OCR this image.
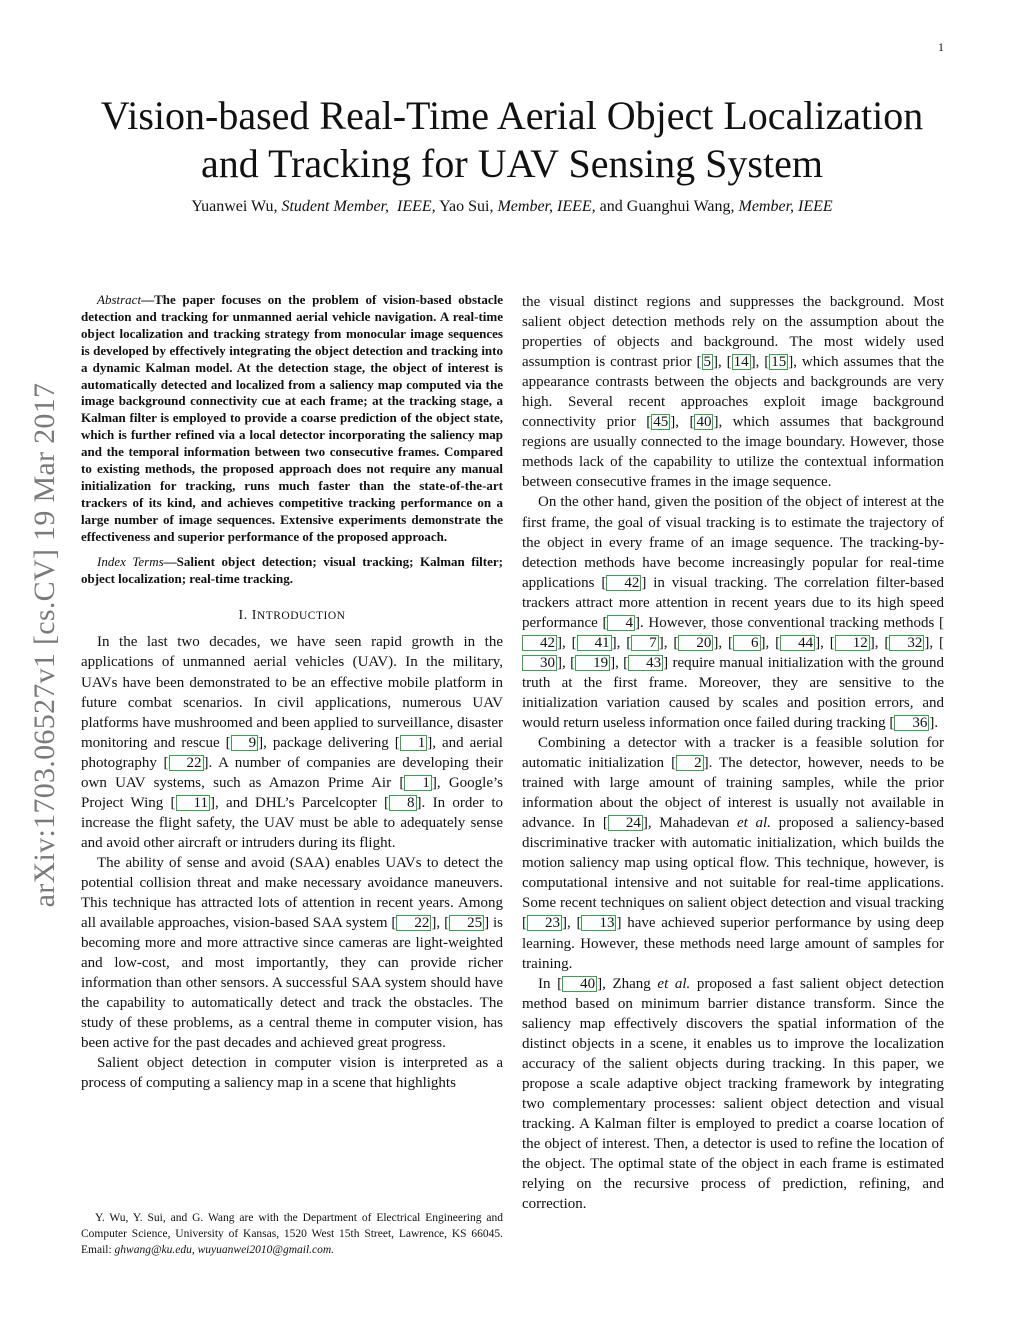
1
arXiv:1703.06527v1 [cs.CV] 19 Mar 2017
Vision-based Real-Time Aerial Object Localization
and Tracking for UAV Sensing System
Yuanwei Wu, Student Member, IEEE, Yao Sui, Member, IEEE, and Guanghui Wang, Member, IEEE

Abstract—The paper focuses on the problem of vision-based obstacle detection and tracking for unmanned aerial vehicle navigation. A real-time object localization and tracking strategy from monocular image sequences is developed by effectively integrating the object detection and tracking into a dynamic Kalman model. At the detection stage, the object of interest is automatically detected and localized from a saliency map computed via the image background connectivity cue at each frame; at the tracking stage, a Kalman filter is employed to provide a coarse prediction of the object state, which is further refined via a local detector incorporating the saliency map and the temporal information between two consecutive frames. Compared to existing methods, the proposed approach does not require any manual initialization for tracking, runs much faster than the state-of-the-art trackers of its kind, and achieves competitive tracking performance on a large number of image sequences. Extensive experiments demonstrate the effectiveness and superior performance of the proposed approach.

Index Terms—Salient object detection; visual tracking; Kalman filter; object localization; real-time tracking.

I. INTRODUCTION

In the last two decades, we have seen rapid growth in the applications of unmanned aerial vehicles (UAV). In the military, UAVs have been demonstrated to be an effective mobile platform in future combat scenarios. In civil applications, numerous UAV platforms have mushroomed and been applied to surveillance, disaster monitoring and rescue [ 9 ], package delivering [ 1 ], and aerial photography [ 22 ]. A number of companies are developing their own UAV systems, such as Amazon Prime Air [ 1 ], Google’s Project Wing [ 11 ], and DHL’s Parcelcopter [ 8 ]. In order to increase the flight safety, the UAV must be able to adequately sense and avoid other aircraft or intruders during its flight.

The ability of sense and avoid (SAA) enables UAVs to detect the potential collision threat and make necessary avoidance maneuvers. This technique has attracted lots of attention in recent years. Among all available approaches, vision-based SAA system [ 22 ], [ 25 ] is becoming more and more attractive since cameras are light-weighted and low-cost, and most importantly, they can provide richer information than other sensors. A successful SAA system should have the capability to automatically detect and track the obstacles. The study of these problems, as a central theme in computer vision, has been active for the past decades and achieved great progress.

Salient object detection in computer vision is interpreted as a process of computing a saliency map in a scene that highlights

Y. Wu, Y. Sui, and G. Wang are with the Department of Electrical Engineering and Computer Science, University of Kansas, 1520 West 15th Street, Lawrence, KS 66045. Email: ghwang@ku.edu, wuyuanwei2010@gmail.com.

the visual distinct regions and suppresses the background. Most salient object detection methods rely on the assumption about the properties of objects and background. The most widely used assumption is contrast prior [ 5 ], [ 14 ], [ 15 ], which assumes that the appearance contrasts between the objects and backgrounds are very high. Several recent approaches exploit image background connectivity prior [ 45 ], [ 40 ], which assumes that background regions are usually connected to the image boundary. However, those methods lack of the capability to utilize the contextual information between consecutive frames in the image sequence.

On the other hand, given the position of the object of interest at the first frame, the goal of visual tracking is to estimate the trajectory of the object in every frame of an image sequence. The tracking-by-detection methods have become increasingly popular for real-time applications [ 42 ] in visual tracking. The correlation filter-based trackers attract more attention in recent years due to its high speed performance [ 4 ]. However, those conventional tracking methods [42 ], [ 41 ], [ 7 ], [ 20 ], [ 6 ], [ 44 ], [ 12 ], [ 32 ], [30 ], [ 19 ], [ 43 ] require manual initialization with the ground truth at the first frame. Moreover, they are sensitive to the initialization variation caused by scales and position errors, and would return useless information once failed during tracking [ 36 ].

Combining a detector with a tracker is a feasible solution for automatic initialization [ 2 ]. The detector, however, needs to be trained with large amount of training samples, while the prior information about the object of interest is usually not available in advance. In [ 24 ], Mahadevan et al. proposed a saliency-based discriminative tracker with automatic initialization, which builds the motion saliency map using optical flow. This technique, however, is computational intensive and not suitable for real-time applications. Some recent techniques on salient object detection and visual tracking [ 23 ], [ 13 ] have achieved superior performance by using deep learning. However, these methods need large amount of samples for training.

In [ 40 ], Zhang et al. proposed a fast salient object detection method based on minimum barrier distance transform. Since the saliency map effectively discovers the spatial information of the distinct objects in a scene, it enables us to improve the localization accuracy of the salient objects during tracking. In this paper, we propose a scale adaptive object tracking framework by integrating two complementary processes: salient object detection and visual tracking. A Kalman filter is employed to predict a coarse location of the object of interest. Then, a detector is used to refine the location of the object. The optimal state of the object in each frame is estimated relying on the recursive process of prediction, refining, and correction.
